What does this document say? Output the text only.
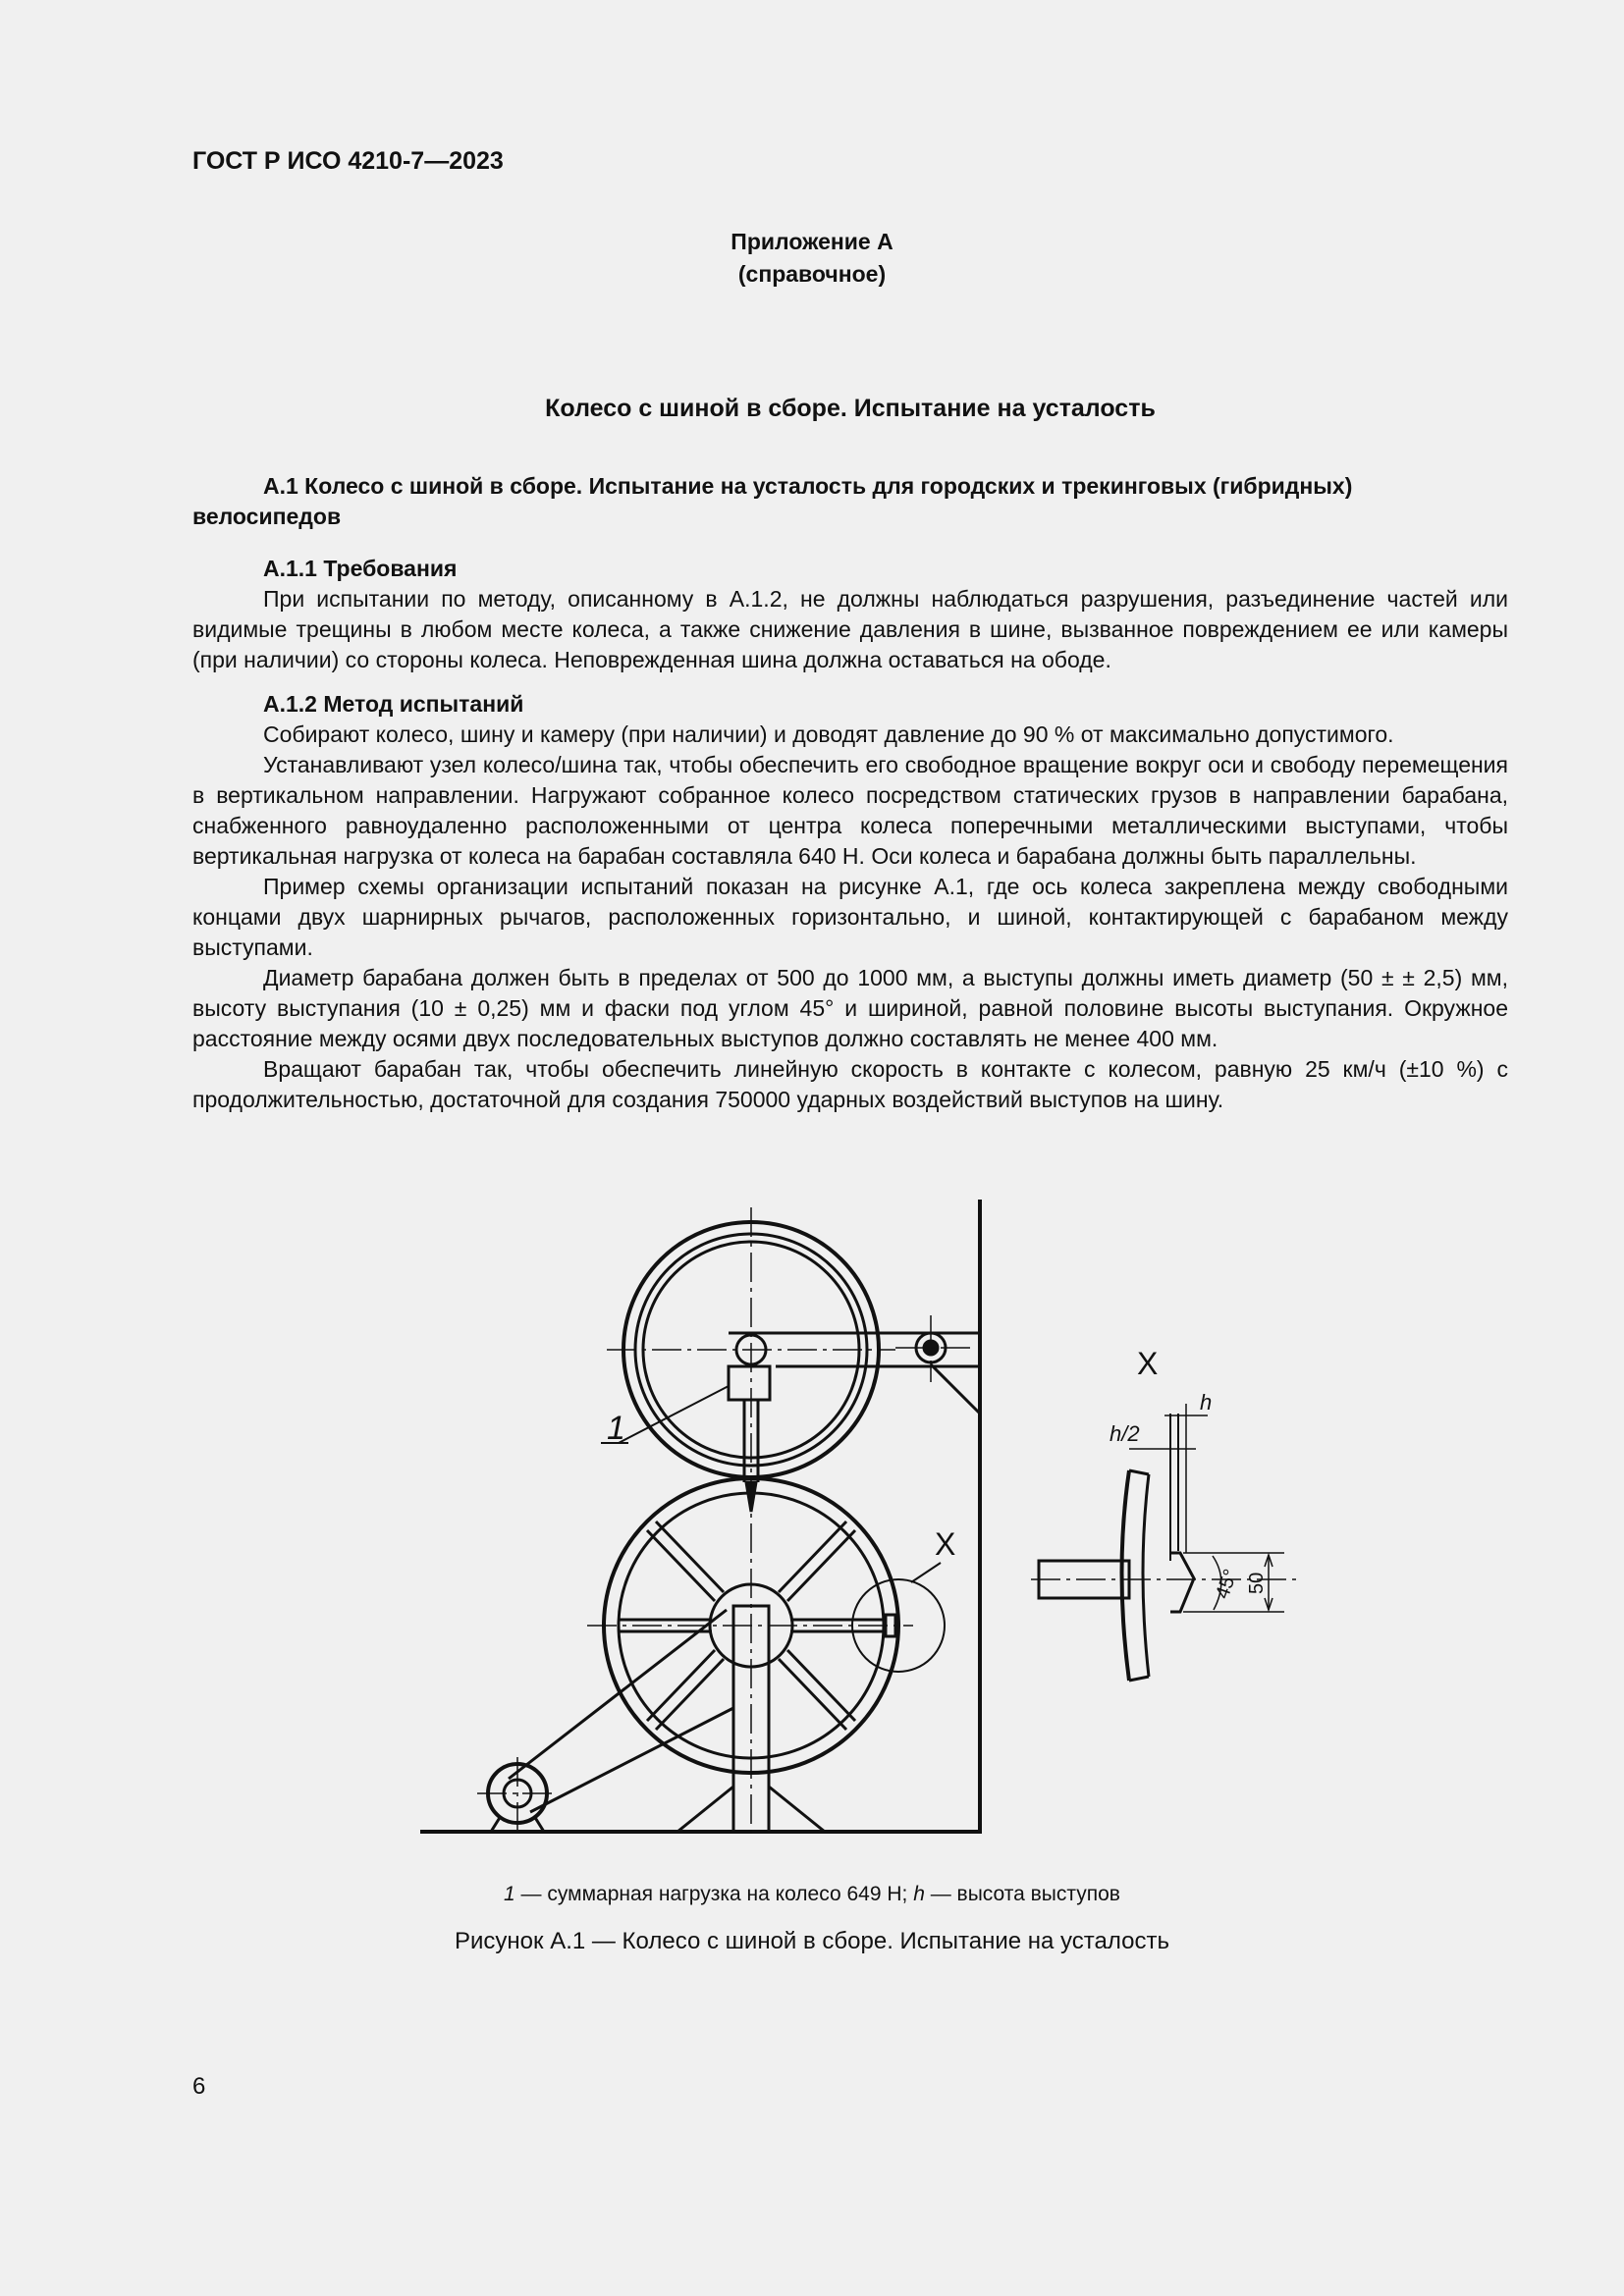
ГОСТ Р ИСО 4210-7—2023
Приложение А
(справочное)
Колесо с шиной в сборе. Испытание на усталость
А.1 Колесо с шиной в сборе. Испытание на усталость для городских и трекинговых (гибридных)
велосипедов
А.1.1 Требования

При испытании по методу, описанному в А.1.2, не должны наблюдаться разрушения, разъединение частей или видимые трещины в любом месте колеса, а также снижение давления в шине, вызванное повреждением ее или камеры (при наличии) со стороны колеса. Неповрежденная шина должна оставаться на ободе.

А.1.2 Метод испытаний

Собирают колесо, шину и камеру (при наличии) и доводят давление до 90 % от максимально допустимого.

Устанавливают узел колесо/шина так, чтобы обеспечить его свободное вращение вокруг оси и свободу перемещения в вертикальном направлении. Нагружают собранное колесо посредством статических грузов в направлении барабана, снабженного равноудаленно расположенными от центра колеса поперечными металлическими выступами, чтобы вертикальная нагрузка от колеса на барабан составляла 640 Н. Оси колеса и барабана должны быть параллельны.

Пример схемы организации испытаний показан на рисунке А.1, где ось колеса закреплена между свободными концами двух шарнирных рычагов, расположенных горизонтально, и шиной, контактирующей с барабаном между выступами.

Диаметр барабана должен быть в пределах от 500 до 1000 мм, а выступы должны иметь диаметр (50 ± ± 2,5) мм, высоту выступания (10 ± 0,25) мм и фаски под углом 45° и шириной, равной половине высоты выступания. Окружное расстояние между осями двух последовательных выступов должно составлять не менее 400 мм.

Вращают барабан так, чтобы обеспечить линейную скорость в контакте с колесом, равную 25 км/ч (±10 %) с продолжительностью, достаточной для создания 750000 ударных воздействий выступов на шину.

1
X
X
h
h/2
45° 50
1 — суммарная нагрузка на колесо 649 Н; h — высота выступов
Рисунок А.1 — Колесо с шиной в сборе. Испытание на усталость
6
